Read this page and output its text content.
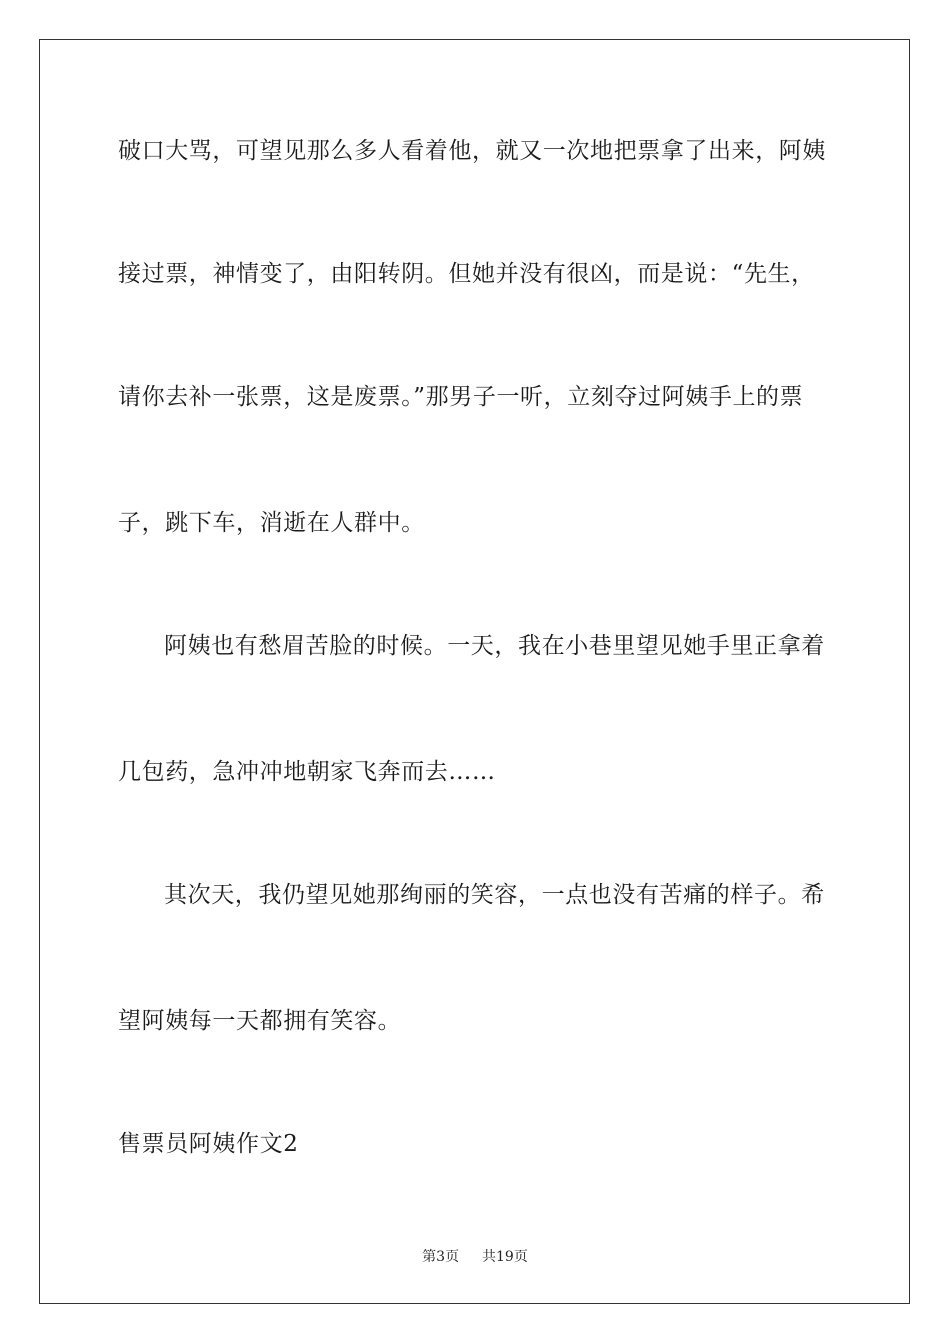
破口大骂，可望见那么多人看着他，就又一次地把票拿了出来，阿姨
接过票，神情变了，由阳转阴。但她并没有很凶，而是说：“先生，
请你去补一张票，这是废票。”那男子一听，立刻夺过阿姨手上的票
子，跳下车，消逝在人群中。
阿姨也有愁眉苦脸的时候。一天，我在小巷里望见她手里正拿着
几包药，急冲冲地朝家飞奔而去……
其次天，我仍望见她那绚丽的笑容，一点也没有苦痛的样子。希
望阿姨每一天都拥有笑容。
售票员阿姨作文2
第3页 共19页
